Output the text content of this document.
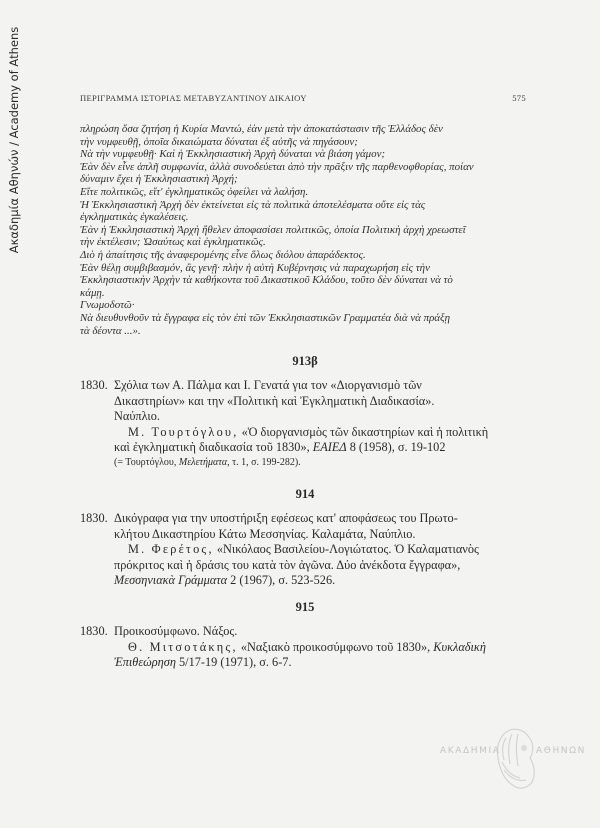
Ακαδημία Αθηνών / Academy of Athens	ΠΕΡΙΓΡΑΜΜΑ ΙΣΤΟΡΙΑΣ ΜΕΤΑΒΥΖΑΝΤΙΝΟΥ ΔΙΚΑΙΟΥ	575

πληρώση ὅσα ζητήση ἡ Κυρία Μαντώ, ἐὰν μετὰ τὴν ἀποκατάστασιν τῆς Ἑλλάδος δὲν

τὴν νυμφευθῇ, ὁποῖα δικαιώματα δύναται ἐξ αὐτῆς νὰ πηγάσουν;

Νὰ τὴν νυμφευθῇ· Καὶ ἡ Ἐκκλησιαστικὴ Ἀρχὴ δύναται νὰ βιάση γάμον;

Ἐὰν δὲν εἶνε ἁπλῆ συμφωνία, ἀλλὰ συνοδεύεται ἀπὸ τὴν πρᾶξιν τῆς παρθενοφθορίας, ποίαν

δύναμιν ἔχει ἡ Ἐκκλησιαστικὴ Ἀρχή;

Εἴτε πολιτικῶς, εἴτ' ἐγκληματικῶς ὀφείλει νὰ λαλήση.

Ἡ Ἐκκλησιαστικὴ Ἀρχὴ δὲν ἐκτείνεται εἰς τὰ πολιτικὰ ἀποτελέσματα οὔτε εἰς τὰς

ἐγκληματικὰς ἐγκαλέσεις.

Ἐὰν ἡ Ἐκκλησιαστικὴ Ἀρχὴ ἤθελεν ἀποφασίσει πολιτικῶς, ὁποία Πολιτικὴ ἀρχὴ χρεωστεῖ

τὴν ἐκτέλεσιν; Ὡσαύτως καὶ ἐγκληματικῶς.

Διὸ ἡ ἀπαίτησις τῆς ἀναφερομένης εἶνε ὅλως διόλου ἀπαράδεκτος.

Ἐὰν θέλῃ συμβιβασμόν, ἂς γενῇ· πλὴν ἡ αὐτὴ Κυβέρνησις νὰ παραχωρήση εἰς τὴν

Ἐκκλησιαστικὴν Ἀρχὴν τὰ καθήκοντα τοῦ Δικαστικοῦ Κλάδου, τοῦτο δὲν δύναται νὰ τὸ

κάμῃ.

Γνωμοδοτῶ·

Νὰ διευθυνθοῦν τὰ ἔγγραφα εἰς τὸν ἐπὶ τῶν Ἐκκλησιαστικῶν Γραμματέα διὰ νὰ πράξῃ

τὰ δέοντα ...».

913β

1830. Σχόλια των Α. Πάλμα και Ι. Γενατά για τον «Διοργανισμὸ τῶν
Δικαστηρίων» και την «Πολιτικὴ καὶ Ἐγκληματικὴ Διαδικασία».
Ναύπλιο.

Μ. Τουρτόγλου, «Ὁ διοργανισμὸς τῶν δικαστηρίων καὶ ἡ πολιτικὴ

καὶ ἐγκληματικὴ διαδικασία τοῦ 1830», ΕΑΙΕΔ 8 (1958), σ. 19-102

(= Τουρτόγλου, Μελετήματα, τ. 1, σ. 199-282).
914

1830. Δικόγραφα για την υποστήριξη εφέσεως κατ' αποφάσεως του Πρωτο-
κλήτου Δικαστηρίου Κάτω Μεσσηνίας. Καλαμάτα, Ναύπλιο.

Μ. Φερέτος, «Νικόλαος Βασιλείου-Λογιώτατος. Ὁ Καλαματιανὸς

πρόκριτος καὶ ἡ δράσις του κατὰ τὸν ἀγῶνα. Δύο ἀνέκδοτα ἔγγραφα»,

Μεσσηνιακὰ Γράμματα 2 (1967), σ. 523-526.

915

1830. Προικοσύμφωνο. Νάξος.

Θ. Μιτσοτάκης, «Ναξιακὸ προικοσύμφωνο τοῦ 1830», Κυκλαδικὴ

Ἐπιθεώρηση 5/17-19 (1971), σ. 6-7.

ΑΚΑΔΗΜΙΑ	ΑΘΗΝΩΝ
